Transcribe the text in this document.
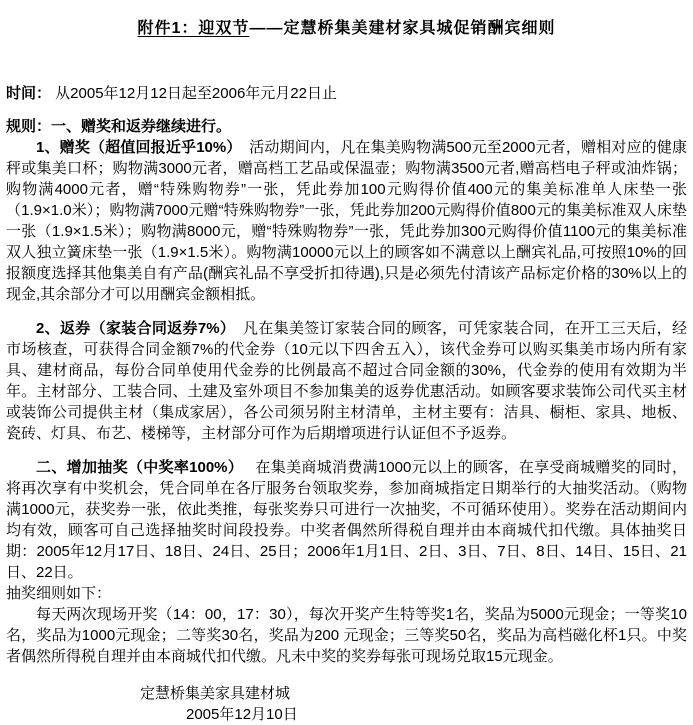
附件1：迎双节——定慧桥集美建材家具城促销酬宾细则

时间： 从2005年12月12日起至2006年元月22日止

规则：一、赠奖和返券继续进行。

1、赠奖（超值回报近乎10%）　活动期间内，凡在集美购物满500元至2000元者，赠相对应的健康秤或集美口杯；购物满3000元者，赠高档工艺品或保温壶；购物满3500元者,赠高档电子秤或油炸锅；购物满4000元者，赠“特殊购物券”一张，凭此券加100元购得价值400元的集美标准单人床垫一张（1.9×1.0米）；购物满7000元赠“特殊购物券”一张，凭此券加200元购得价值800元的集美标准双人床垫一张（1.9×1.5米）；购物满8000元，赠“特殊购物券”一张，凭此券加300元购得价值1100元的集美标准双人独立簧床垫一张（1.9×1.5米）。购物满10000元以上的顾客如不满意以上酬宾礼品,可按照10%的回报额度选择其他集美自有产品(酬宾礼品不享受折扣待遇),只是必须先付清该产品标定价格的30%以上的现金,其余部分才可以用酬宾金额相抵。

2、返券（家装合同返券7%）　凡在集美签订家装合同的顾客，可凭家装合同，在开工三天后，经市场核查，可获得合同金额7%的代金券（10元以下四舍五入），该代金券可以购买集美市场内所有家具、建材商品，每份合同单使用代金券的比例最高不超过合同金额的30%，代金券的使用有效期为半年。主材部分、工装合同、土建及室外项目不参加集美的返券优惠活动。如顾客要求装饰公司代买主材或装饰公司提供主材（集成家居），各公司须另附主材清单，主材主要有：洁具、橱柜、家具、地板、瓷砖、灯具、布艺、楼梯等，主材部分可作为后期增项进行认证但不予返券。

二、增加抽奖（中奖率100%）　 在集美商城消费满1000元以上的顾客，在享受商城赠奖的同时，将再次享有中奖机会，凭合同单在各厅服务台领取奖券，参加商城指定日期举行的大抽奖活动。（购物满1000元，获奖券一张，依此类推，每张奖券只可进行一次抽奖，不可循环使用）。奖券在活动期间内均有效，顾客可自己选择抽奖时间段投券。中奖者偶然所得税自理并由本商城代扣代缴。具体抽奖日期：2005年12月17日、18日、24日、25日；2006年1月1日、2日、3日、7日、8日、14日、15日、21日、22日。

抽奖细则如下：

每天两次现场开奖（14：00，17：30），每次开奖产生特等奖1名，奖品为5000元现金；一等奖10名，奖品为1000元现金；二等奖30名，奖品为200 元现金；三等奖50名，奖品为高档磁化杯1只。中奖者偶然所得税自理并由本商城代扣代缴。凡未中奖的奖券每张可现场兑取15元现金。

定慧桥集美家具建材城

2005年12月10日
